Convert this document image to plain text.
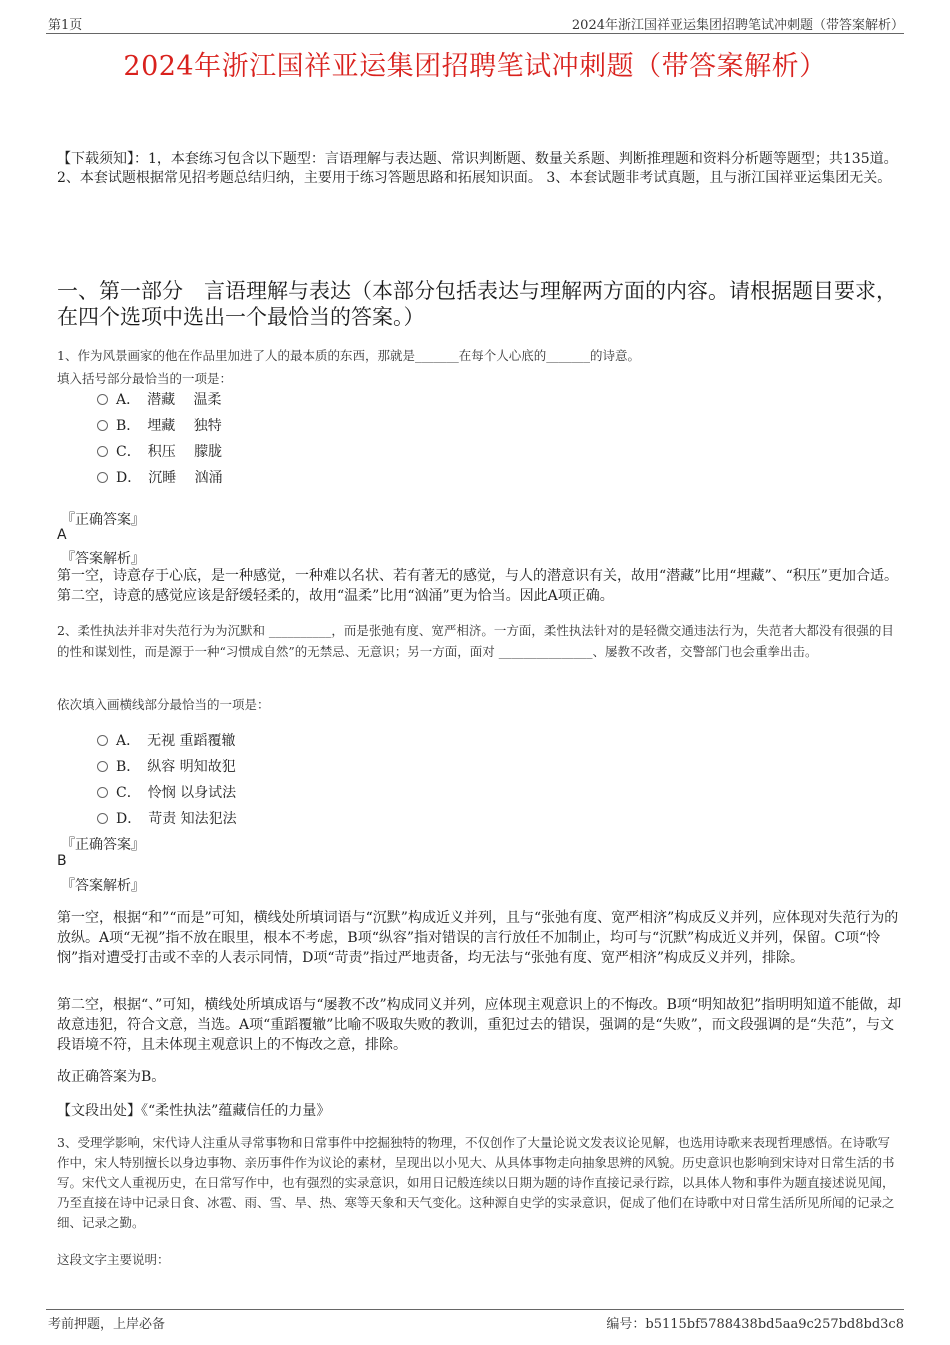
第1页	2024年浙江国祥亚运集团招聘笔试冲刺题（带答案解析）
2024年浙江国祥亚运集团招聘笔试冲刺题（带答案解析）
【下载须知】：1，本套练习包含以下题型：言语理解与表达题、常识判断题、数量关系题、判断推理题和资料分析题等题型；共135道。 2、本套试题根据常见招考题总结归纳，主要用于练习答题思路和拓展知识面。 3、本套试题非考试真题，且与浙江国祥亚运集团无关。
一、第一部分　言语理解与表达（本部分包括表达与理解两方面的内容。请根据题目要求，在四个选项中选出一个最恰当的答案。）
1、作为风景画家的他在作品里加进了人的最本质的东西，那就是_______在每个人心底的_______的诗意。
填入括号部分最恰当的一项是：
A．　潜藏　 温柔
B．　埋藏　 独特
C．　积压　 朦胧
D．　沉睡　 汹涌
『正确答案』
A
『答案解析』
第一空，诗意存于心底，是一种感觉，一种难以名状、若有著无的感觉，与人的潜意识有关，故用“潜藏”比用“埋藏”、“积压”更加合适。第二空，诗意的感觉应该是舒缓轻柔的，故用“温柔”比用“汹涌”更为恰当。因此A项正确。
2、柔性执法并非对失范行为为沉默和 __________，而是张弛有度、宽严相济。一方面，柔性执法针对的是轻微交通违法行为，失范者大都没有很强的目的性和谋划性，而是源于一种“习惯成自然”的无禁忌、无意识；另一方面，面对 _______________、屡教不改者，交警部门也会重拳出击。
依次填入画横线部分最恰当的一项是：
A．　无视 重蹈覆辙
B．　纵容 明知故犯
C．　怜悯 以身试法
D．　苛责 知法犯法
『正确答案』
B
『答案解析』
第一空，根据“和”“而是”可知，横线处所填词语与“沉默”构成近义并列，且与“张弛有度、宽严相济”构成反义并列，应体现对失范行为的放纵。A项“无视”指不放在眼里，根本不考虑，B项“纵容”指对错误的言行放任不加制止，均可与“沉默”构成近义并列，保留。C项“怜悯”指对遭受打击或不幸的人表示同情，D项“苛责”指过严地责备，均无法与“张弛有度、宽严相济”构成反义并列，排除。
第二空，根据“、”可知，横线处所填成语与“屡教不改”构成同义并列，应体现主观意识上的不悔改。B项“明知故犯”指明明知道不能做，却故意违犯，符合文意，当选。A项“重蹈覆辙”比喻不吸取失败的教训，重犯过去的错误，强调的是“失败”，而文段强调的是“失范”，与文段语境不符，且未体现主观意识上的不悔改之意，排除。
故正确答案为B。
【文段出处】《“柔性执法”蕴藏信任的力量》
3、受理学影响，宋代诗人注重从寻常事物和日常事件中挖掘独特的物理，不仅创作了大量论说文发表议论见解，也选用诗歌来表现哲理感悟。在诗歌写作中，宋人特别擅长以身边事物、亲历事件作为议论的素材，呈现出以小见大、从具体事物走向抽象思辨的风貌。历史意识也影响到宋诗对日常生活的书写。宋代文人重视历史，在日常写作中，也有强烈的实录意识，如用日记般连续以日期为题的诗作直接记录行踪，以具体人物和事件为题直接述说见闻，乃至直接在诗中记录日食、冰雹、雨、雪、旱、热、寒等天象和天气变化。这种源自史学的实录意识，促成了他们在诗歌中对日常生活所见所闻的记录之细、记录之勤。
这段文字主要说明：
考前押题，上岸必备	编号：b5115bf5788438bd5aa9c257bd8bd3c8
